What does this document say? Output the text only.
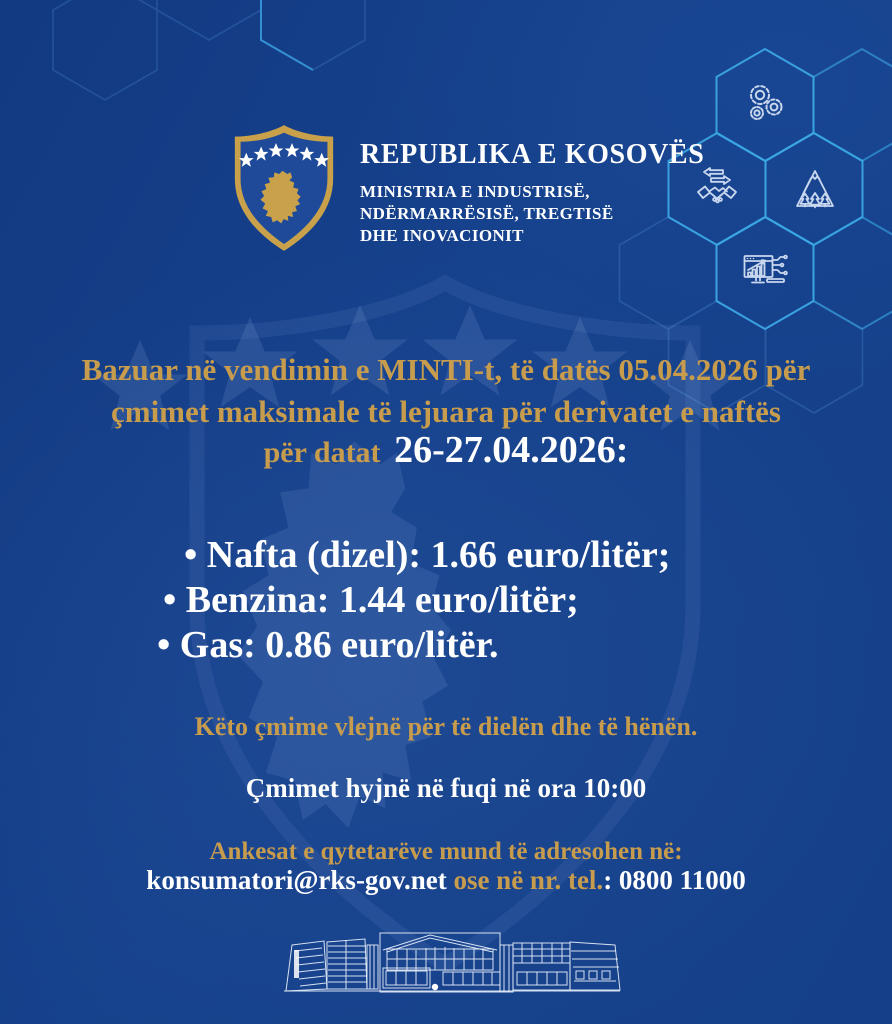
REPUBLIKA E KOSOVËS
MINISTRIA E INDUSTRISË,
NDËRMARRËSISË, TREGTISË
DHE INOVACIONIT
Bazuar në vendimin e MINTI-t, të datës 05.04.2026 për
çmimet maksimale të lejuara për derivatet e naftës
për datat 26-27.04.2026:
• Nafta (dizel): 1.66 euro/litër;
• Benzina: 1.44 euro/litër;
• Gas: 0.86 euro/litër.
Këto çmime vlejnë për të dielën dhe të hënën.
Çmimet hyjnë në fuqi në ora 10:00
Ankesat e qytetarëve mund të adresohen në:
konsumatori@rks-gov.net ose në nr. tel.: 0800 11000
